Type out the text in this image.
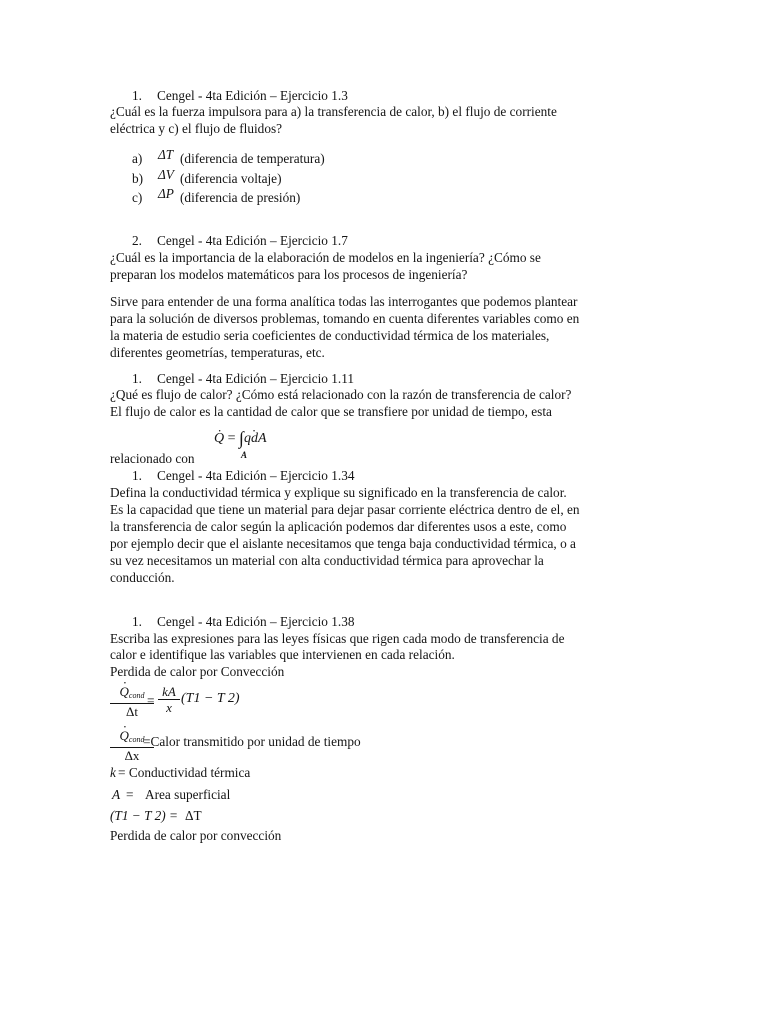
1. Cengel - 4ta Edición – Ejercicio 1.3
¿Cuál es la fuerza impulsora para a) la transferencia de calor, b) el flujo de corriente
eléctrica y c) el flujo de fluidos?
a) ΔT (diferencia de temperatura)
b) ΔV (diferencia voltaje)
c) ΔP (diferencia de presión)
2. Cengel - 4ta Edición – Ejercicio 1.7
¿Cuál es la importancia de la elaboración de modelos en la ingeniería? ¿Cómo se
preparan los modelos matemáticos para los procesos de ingeniería?
Sirve para entender de una forma analítica todas las interrogantes que podemos plantear
para la solución de diversos problemas, tomando en cuenta diferentes variables como en
la materia de estudio seria coeficientes de conductividad térmica de los materiales,
diferentes geometrías, temperaturas, etc.
1. Cengel - 4ta Edición – Ejercicio 1.11
¿Qué es flujo de calor? ¿Cómo está relacionado con la razón de transferencia de calor?
El flujo de calor es la cantidad de calor que se transfiere por unidad de tiempo, esta
· Q = ∫· qdA
A
relacionado con
1. Cengel - 4ta Edición – Ejercicio 1.34
Defina la conductividad térmica y explique su significado en la transferencia de calor.
Es la capacidad que tiene un material para dejar pasar corriente eléctrica dentro de el, en
la transferencia de calor según la aplicación podemos dar diferentes usos a este, como
por ejemplo decir que el aislante necesitamos que tenga baja conductividad térmica, o a
su vez necesitamos un material con alta conductividad térmica para aprovechar la
conducción.
1. Cengel - 4ta Edición – Ejercicio 1.38
Escriba las expresiones para las leyes físicas que rigen cada modo de transferencia de
calor e identifique las variables que intervienen en cada relación.
Perdida de calor por Convección
· $Q_{cond}$
Δt
= $\frac{kA}{x} (T1 - T$ 2)
· $Q_{cond}$
Δx
=Calor transmitido por unidad de tiempo
k = Conductividad térmica
A = Area superficial
(T1 − T 2) = ΔT
Perdida de calor por convección
